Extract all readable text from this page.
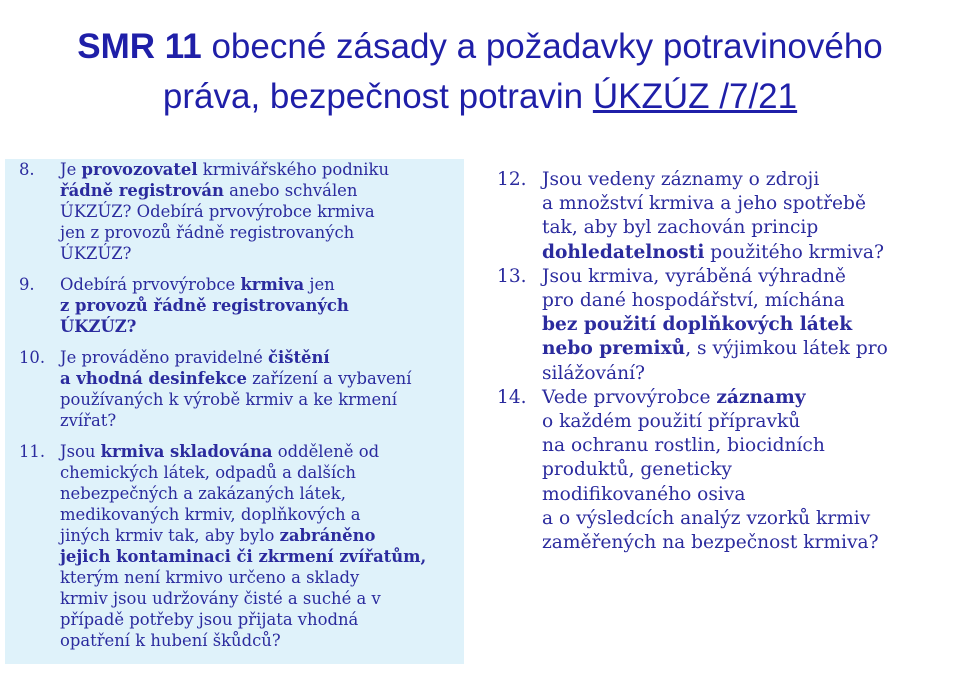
SMR 11 obecné zásady a požadavky potravinového
práva, bezpečnost potravin ÚKZÚZ /7/21
8. Je provozovatel krmivářského podniku
řádně registrován anebo schválen
ÚKZÚZ? Odebírá prvovýrobce krmiva
jen z provozů řádně registrovaných
ÚKZÚZ?
9. Odebírá prvovýrobce krmiva jen
z provozů řádně registrovaných
ÚKZÚZ?
10. Je prováděno pravidelné čištění
a vhodná desinfekce zařízení a vybavení
používaných k výrobě krmiv a ke krmení
zvířat?
11. Jsou krmiva skladována odděleně od
chemických látek, odpadů a dalších
nebezpečných a zakázaných látek,
medikovaných krmiv, doplňkových a
jiných krmiv tak, aby bylo zabráněno
jejich kontaminaci či zkrmení zvířatům,
kterým není krmivo určeno a sklady
krmiv jsou udržovány čisté a suché a v
případě potřeby jsou přijata vhodná
opatření k hubení škůdců?
12. Jsou vedeny záznamy o zdroji
a množství krmiva a jeho spotřebě
tak, aby byl zachován princip
dohledatelnosti použitého krmiva?
13. Jsou krmiva, vyráběná výhradně
pro dané hospodářství, míchána
bez použití doplňkových látek
nebo premixů, s výjimkou látek pro
silážování?
14. Vede prvovýrobce záznamy
o každém použití přípravků
na ochranu rostlin, biocidních
produktů, geneticky
modifikovaného osiva
a o výsledcích analýz vzorků krmiv
zaměřených na bezpečnost krmiva?
